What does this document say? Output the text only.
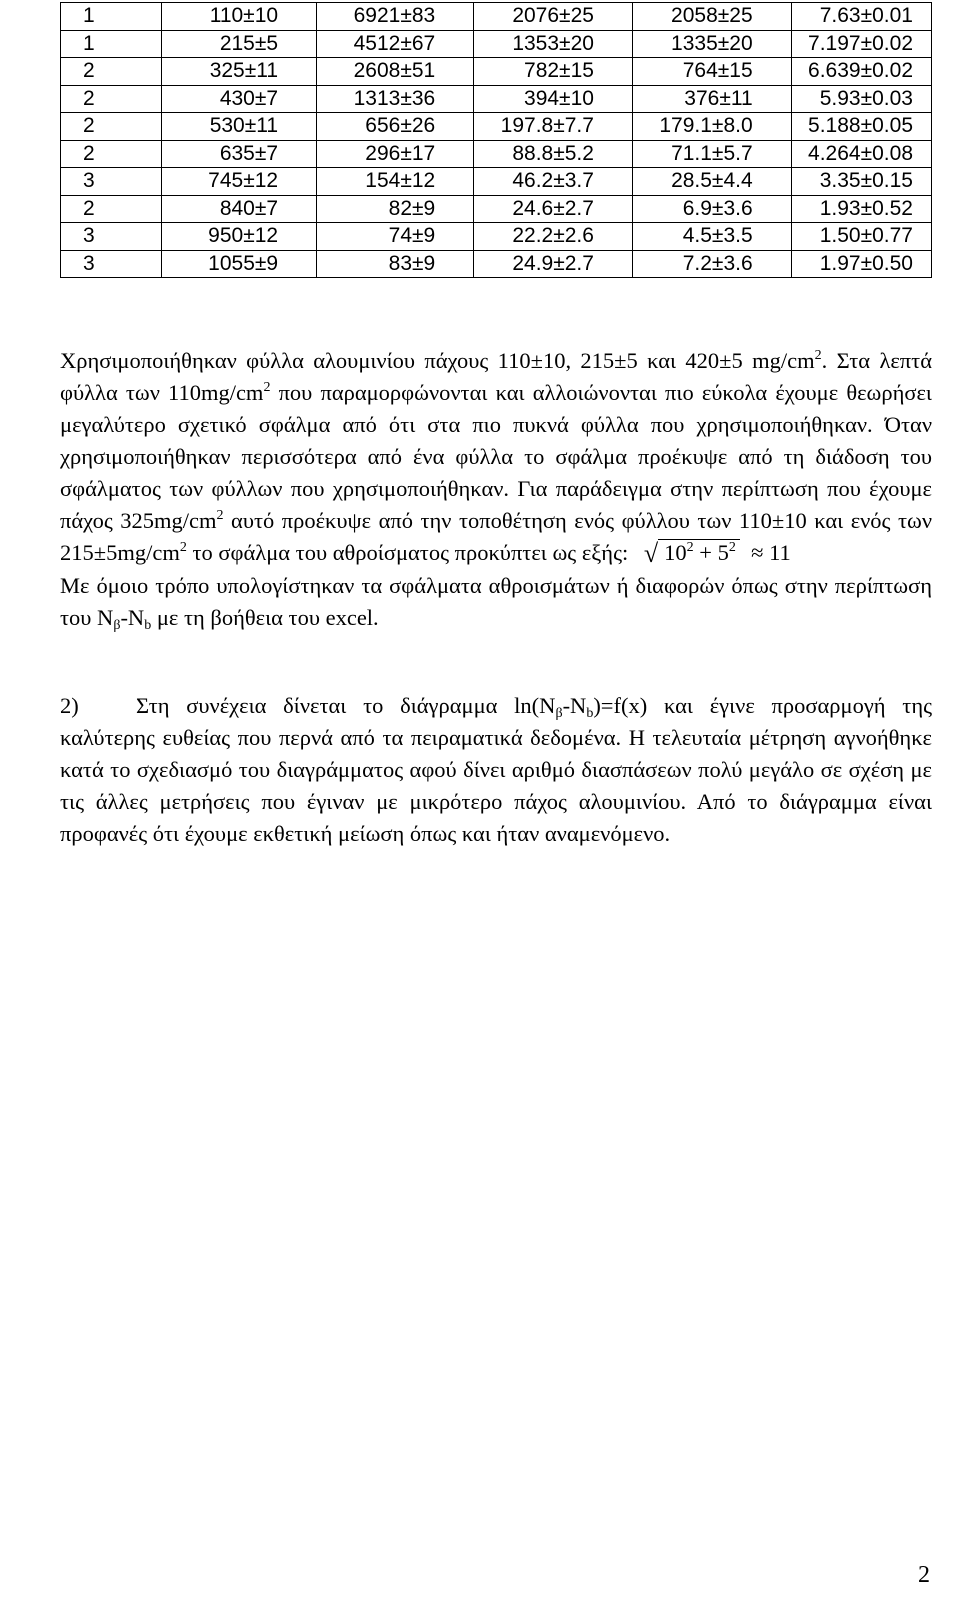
1	110±10	6921±83	2076±25	2058±25	7.63±0.01
1	215±5	4512±67	1353±20	1335±20	7.197±0.02
2	325±11	2608±51	782±15	764±15	6.639±0.02
2	430±7	1313±36	394±10	376±11	5.93±0.03
2	530±11	656±26	197.8±7.7	179.1±8.0	5.188±0.05
2	635±7	296±17	88.8±5.2	71.1±5.7	4.264±0.08
3	745±12	154±12	46.2±3.7	28.5±4.4	3.35±0.15
2	840±7	82±9	24.6±2.7	6.9±3.6	1.93±0.52
3	950±12	74±9	22.2±2.6	4.5±3.5	1.50±0.77
3	1055±9	83±9	24.9±2.7	7.2±3.6	1.97±0.50

Χρησιμοποιήθηκαν φύλλα αλουμινίου πάχους 110±10, 215±5 και 420±5 $mg/cm^2$. Στα λεπτά φύλλα των $110mg/cm^2$ που παραμορφώνονται και αλλοιώνονται πιο εύκολα έχουμε θεωρήσει μεγαλύτερο σχετικό σφάλμα από ότι στα πιο πυκνά φύλλα που χρησιμοποιήθηκαν. Όταν χρησιμοποιήθηκαν περισσότερα από ένα φύλλα το σφάλμα προέκυψε από τη διάδοση του σφάλματος των φύλλων που χρησιμοποιήθηκαν. Για παράδειγμα στην περίπτωση που έχουμε πάχος $325mg/cm^2$ αυτό προέκυψε από την τοποθέτηση ενός φύλλου των 110±10 και ενός των $215\pm 5mg/cm^2$ το σφάλμα του αθροίσματος προκύπτει ως εξής: √ $10^2 + 5^2 \approx 11$
Με όμοιο τρόπο υπολογίστηκαν τα σφάλματα αθροισμάτων ή διαφορών όπως στην περίπτωση του $N_\beta-N_b$ με τη βοήθεια του excel.

2)	Στη συνέχεια δίνεται το διάγραμμα $\ln(N_\beta-N_b)=f(x)$ και έγινε προσαρμογή της καλύτερης ευθείας που περνά από τα πειραματικά δεδομένα. Η τελευταία μέτρηση αγνοήθηκε κατά το σχεδιασμό του διαγράμματος αφού δίνει αριθμό διασπάσεων πολύ μεγάλο σε σχέση με τις άλλες μετρήσεις που έγιναν με μικρότερο πάχος αλουμινίου. Από το διάγραμμα είναι προφανές ότι έχουμε εκθετική μείωση όπως και ήταν αναμενόμενο.

2
